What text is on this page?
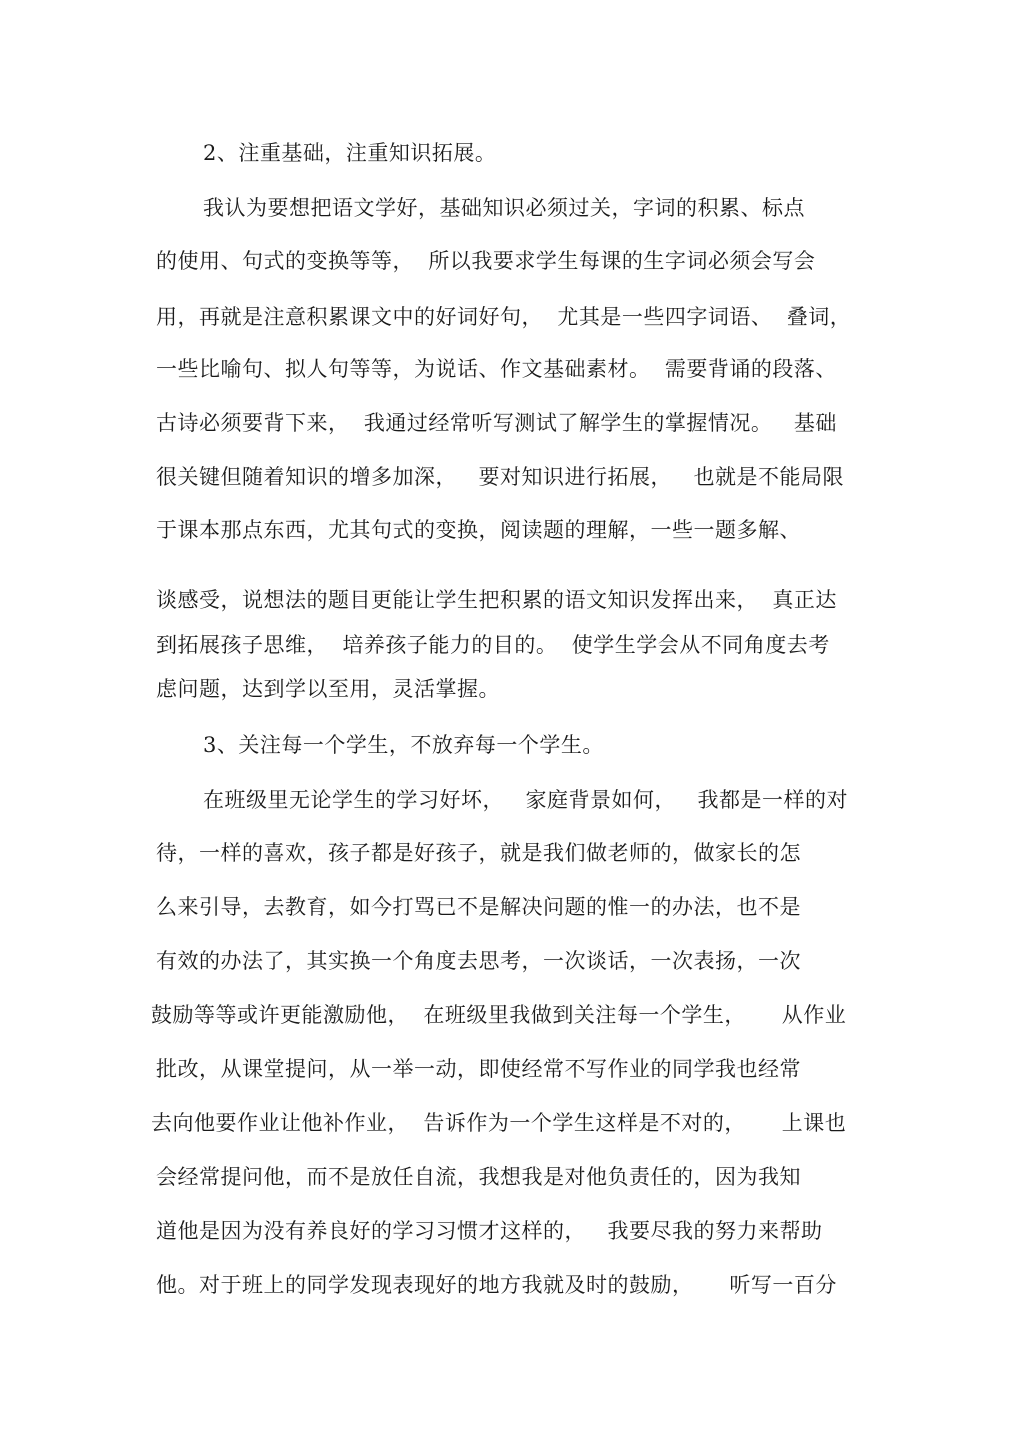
2、注重基础，注重知识拓展。
我认为要想把语文学好，基础知识必须过关，字词的积累、标点
的使用、句式的变换等等，  所以我要求学生每课的生字词必须会写会
用，再就是注意积累课文中的好词好句，  尤其是一些四字词语、  叠词，
一些比喻句、拟人句等等，为说话、作文基础素材。  需要背诵的段落、
古诗必须要背下来，  我通过经常听写测试了解学生的掌握情况。   基础
很关键但随着知识的增多加深，   要对知识进行拓展，   也就是不能局限
于课本那点东西，尤其句式的变换，阅读题的理解，一些一题多解、
谈感受，说想法的题目更能让学生把积累的语文知识发挥出来，  真正达
到拓展孩子思维，  培养孩子能力的目的。  使学生学会从不同角度去考
虑问题，达到学以至用，灵活掌握。
3、关注每一个学生，不放弃每一个学生。
在班级里无论学生的学习好坏，   家庭背景如何，   我都是一样的对
待，一样的喜欢，孩子都是好孩子，就是我们做老师的，做家长的怎
么来引导，去教育，如今打骂已不是解决问题的惟一的办法，也不是
有效的办法了，其实换一个角度去思考，一次谈话，一次表扬，一次
鼓励等等或许更能激励他，  在班级里我做到关注每一个学生，     从作业
批改，从课堂提问，从一举一动，即使经常不写作业的同学我也经常
去向他要作业让他补作业，  告诉作为一个学生这样是不对的，     上课也
会经常提问他，而不是放任自流，我想我是对他负责任的，因为我知
道他是因为没有养良好的学习习惯才这样的，   我要尽我的努力来帮助
他。对于班上的同学发现表现好的地方我就及时的鼓励，     听写一百分
